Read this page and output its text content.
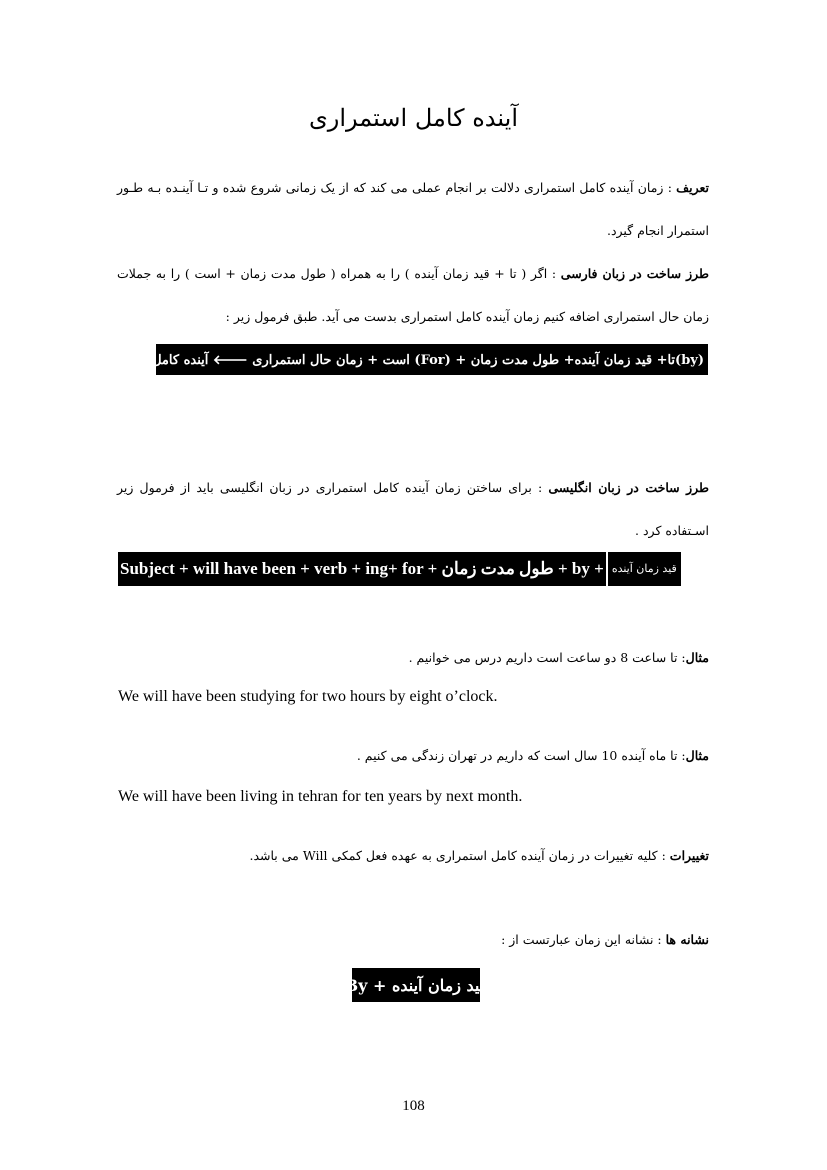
آینده کامل استمراری

تعریف : زمان آینده کامل استمراری دلالت بر انجام عملی می کند که از یک زمانی شروع شده و تـا آینـده بـه طـور استمرار انجام گیرد.

طرز ساخت در زبان فارسی : اگر ( تا + قید زمان آینده ) را به همراه ( طول مدت زمان + است ) را به جملات زمان حال استمراری اضافه کنیم زمان آینده کامل استمراری بدست می آید. طبق فرمول زیر :

(by)تا+ قید زمان آینده+ طول مدت زمان + (For) است + زمان حال استمراری 🡐 آینده کامل استمراری

طرز ساخت در زبان انگلیسی : برای ساختن زمان آینده کامل استمراری در زبان انگلیسی باید از فرمول زیر اسـتفاده کرد .

Subject + will have been + verb + ing+ for + طول مدت زمان + by + قید زمان آینده
مثال: تا ساعت 8 دو ساعت است داریم درس می خوانیم .
We will have been studying for two hours by eight o’clock.
مثال: تا ماه آینده 10 سال است که داریم در تهران زندگی می کنیم .
We will have been living in tehran for ten years by next month.
تغییرات : کلیه تغییرات در زمان آینده کامل استمراری به عهده فعل کمکی Will می باشد.
نشانه ها : نشانه این زمان عبارتست از :
قید زمان آینده + By
108
